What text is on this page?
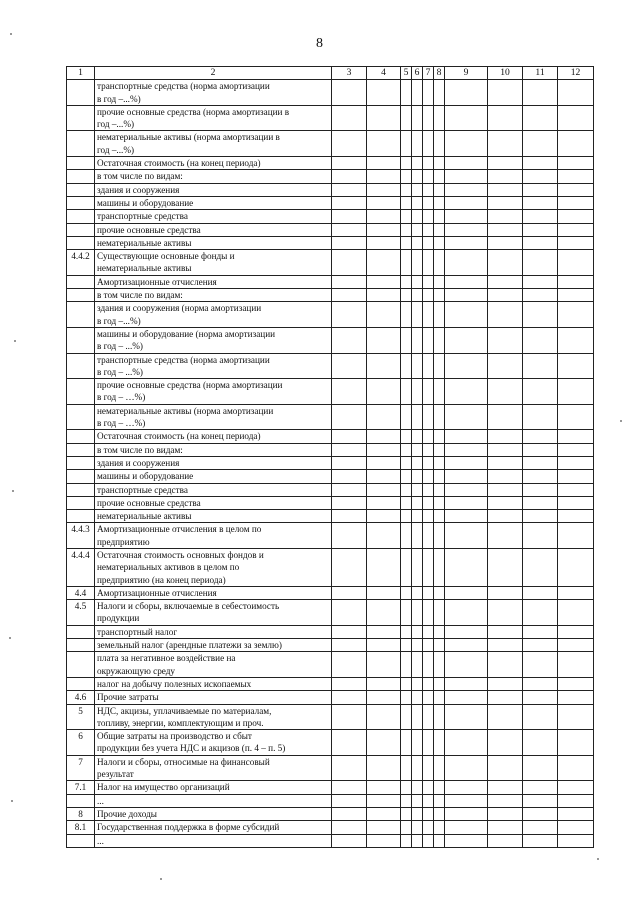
8
1	2	3	4	5	6	7	8	9	10	11	12
	транспортные средства (норма амортизации
в год –...%)										
	прочие основные средства (норма амортизации в
год –...%)										
	нематериальные активы (норма амортизации в
год –...%)										
	Остаточная стоимость (на конец периода)										
	в том числе по видам:										
	здания и сооружения										
	машины и оборудование										
	транспортные средства										
	прочие основные средства										
	нематериальные активы										
4.4.2	Существующие основные фонды и
нематериальные активы										
	Амортизационные отчисления										
	в том числе по видам:										
	здания и сооружения (норма амортизации
в год –...%)										
	машины и оборудование (норма амортизации
в год – ...%)										
	транспортные средства (норма амортизации
в год – ...%)										
	прочие основные средства (норма амортизации
в год – …%)										
	нематериальные активы (норма амортизации
в год – …%)										
	Остаточная стоимость (на конец периода)										
	в том числе по видам:										
	здания и сооружения										
	машины и оборудование										
	транспортные средства										
	прочие основные средства										
	нематериальные активы										
4.4.3	Амортизационные отчисления в целом по
предприятию										
4.4.4	Остаточная стоимость основных фондов и
нематериальных активов в целом по
предприятию (на конец периода)										
4.4	Амортизационные отчисления										
4.5	Налоги и сборы, включаемые в себестоимость
продукции										
	транспортный налог										
	земельный налог (арендные платежи за землю)										
	плата за негативное воздействие на
окружающую среду										
	налог на добычу полезных ископаемых										
4.6	Прочие затраты										
5	НДС, акцизы, уплачиваемые по материалам,
топливу, энергии, комплектующим и проч.										
6	Общие затраты на производство и сбыт
продукции без учета НДС и акцизов (п. 4 – п. 5)										
7	Налоги и сборы, относимые на финансовый
результат										
7.1	Налог на имущество организаций										
	...										
8	Прочие доходы										
8.1	Государственная поддержка в форме субсидий										
	...										
